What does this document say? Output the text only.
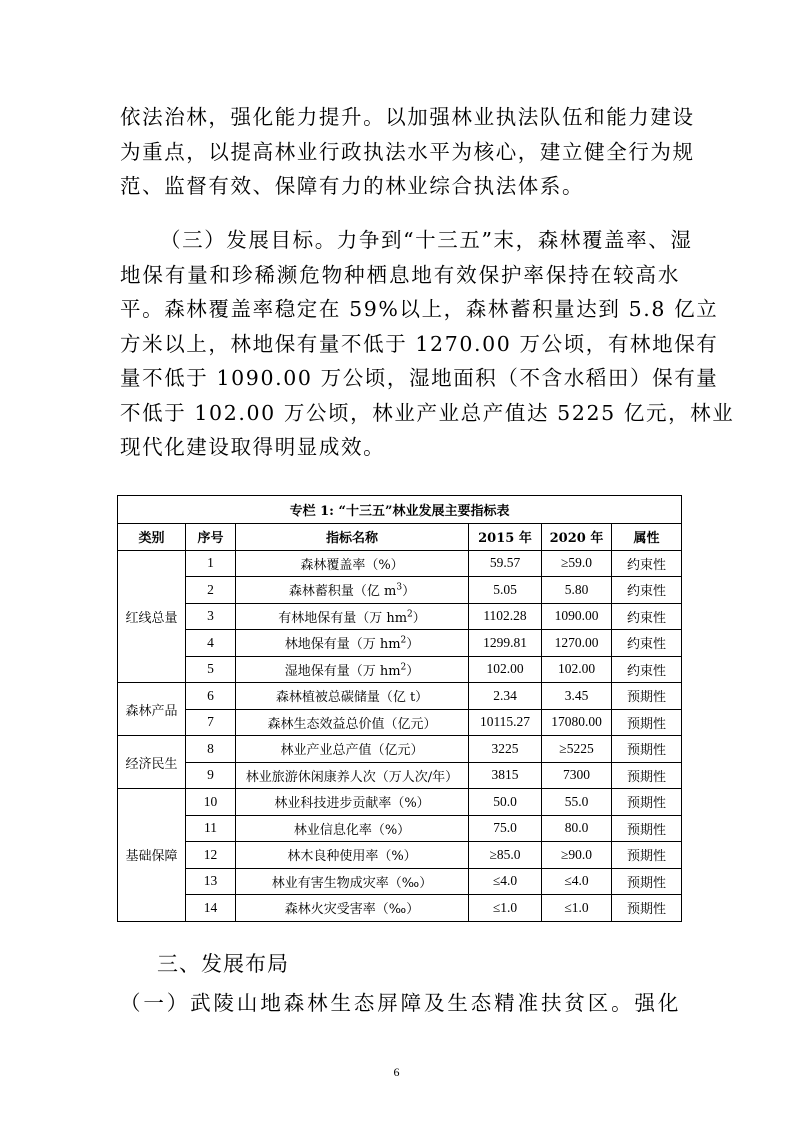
依法治林，强化能力提升。以加强林业执法队伍和能力建设
为重点，以提高林业行政执法水平为核心，建立健全行为规
范、监督有效、保障有力的林业综合执法体系。

（三）发展目标。力争到“十三五”末，森林覆盖率、湿
地保有量和珍稀濒危物种栖息地有效保护率保持在较高水
平。森林覆盖率稳定在 59%以上，森林蓄积量达到 5.8 亿立
方米以上，林地保有量不低于 1270.00 万公顷，有林地保有
量不低于 1090.00 万公顷，湿地面积（不含水稻田）保有量
不低于 102.00 万公顷，林业产业总产值达 5225 亿元，林业
现代化建设取得明显成效。

专栏 1: “十三五”林业发展主要指标表					
类别	序号	指标名称	2015 年	2020 年	属性
红线总量	1	森林覆盖率（%）	59.57	≥59.0	约束性
	2	森林蓄积量（亿 $m^3$）	5.05	5.80	约束性
	3	有林地保有量（万 $hm^2$）	1102.28	1090.00	约束性
	4	林地保有量（万 $hm^2$）	1299.81	1270.00	约束性
	5	湿地保有量（万 $hm^2$）	102.00	102.00	约束性
森林产品	6	森林植被总碳储量（亿 t）	2.34	3.45	预期性
	7	森林生态效益总价值（亿元）	10115.27	17080.00	预期性
经济民生	8	林业产业总产值（亿元）	3225	≥5225	预期性
	9	林业旅游休闲康养人次（万人次/年）	3815	7300	预期性
基础保障	10	林业科技进步贡献率（%）	50.0	55.0	预期性
	11	林业信息化率（%）	75.0	80.0	预期性
	12	林木良种使用率（%）	≥85.0	≥90.0	预期性
	13	林业有害生物成灾率（‰）	≤4.0	≤4.0	预期性
	14	森林火灾受害率（‰）	≤1.0	≤1.0	预期性
三、发展布局

（一）武陵山地森林生态屏障及生态精准扶贫区。强化

6
